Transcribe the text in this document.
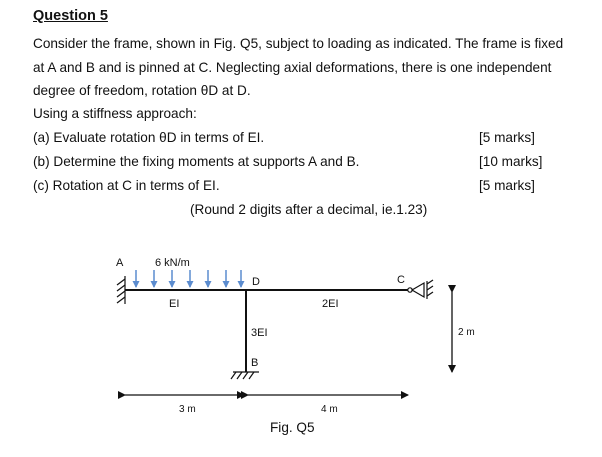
Question 5

Consider the frame, shown in Fig. Q5, subject to loading as indicated. The frame is fixed at A and B and is pinned at C. Neglecting axial deformations, there is one independent degree of freedom, rotation θD at D.

Using a stiffness approach:
(a) Evaluate rotation θD in terms of EI.	[5 marks]
(b) Determine the fixing moments at supports A and B.	[10 marks]
(c) Rotation at C in terms of EI.	[5 marks]
(Round 2 digits after a decimal, ie.1.23)
A	6 kN/m
D	C
B
EI	2EI
3EI
3 m	4 m
2 m
Fig. Q5
